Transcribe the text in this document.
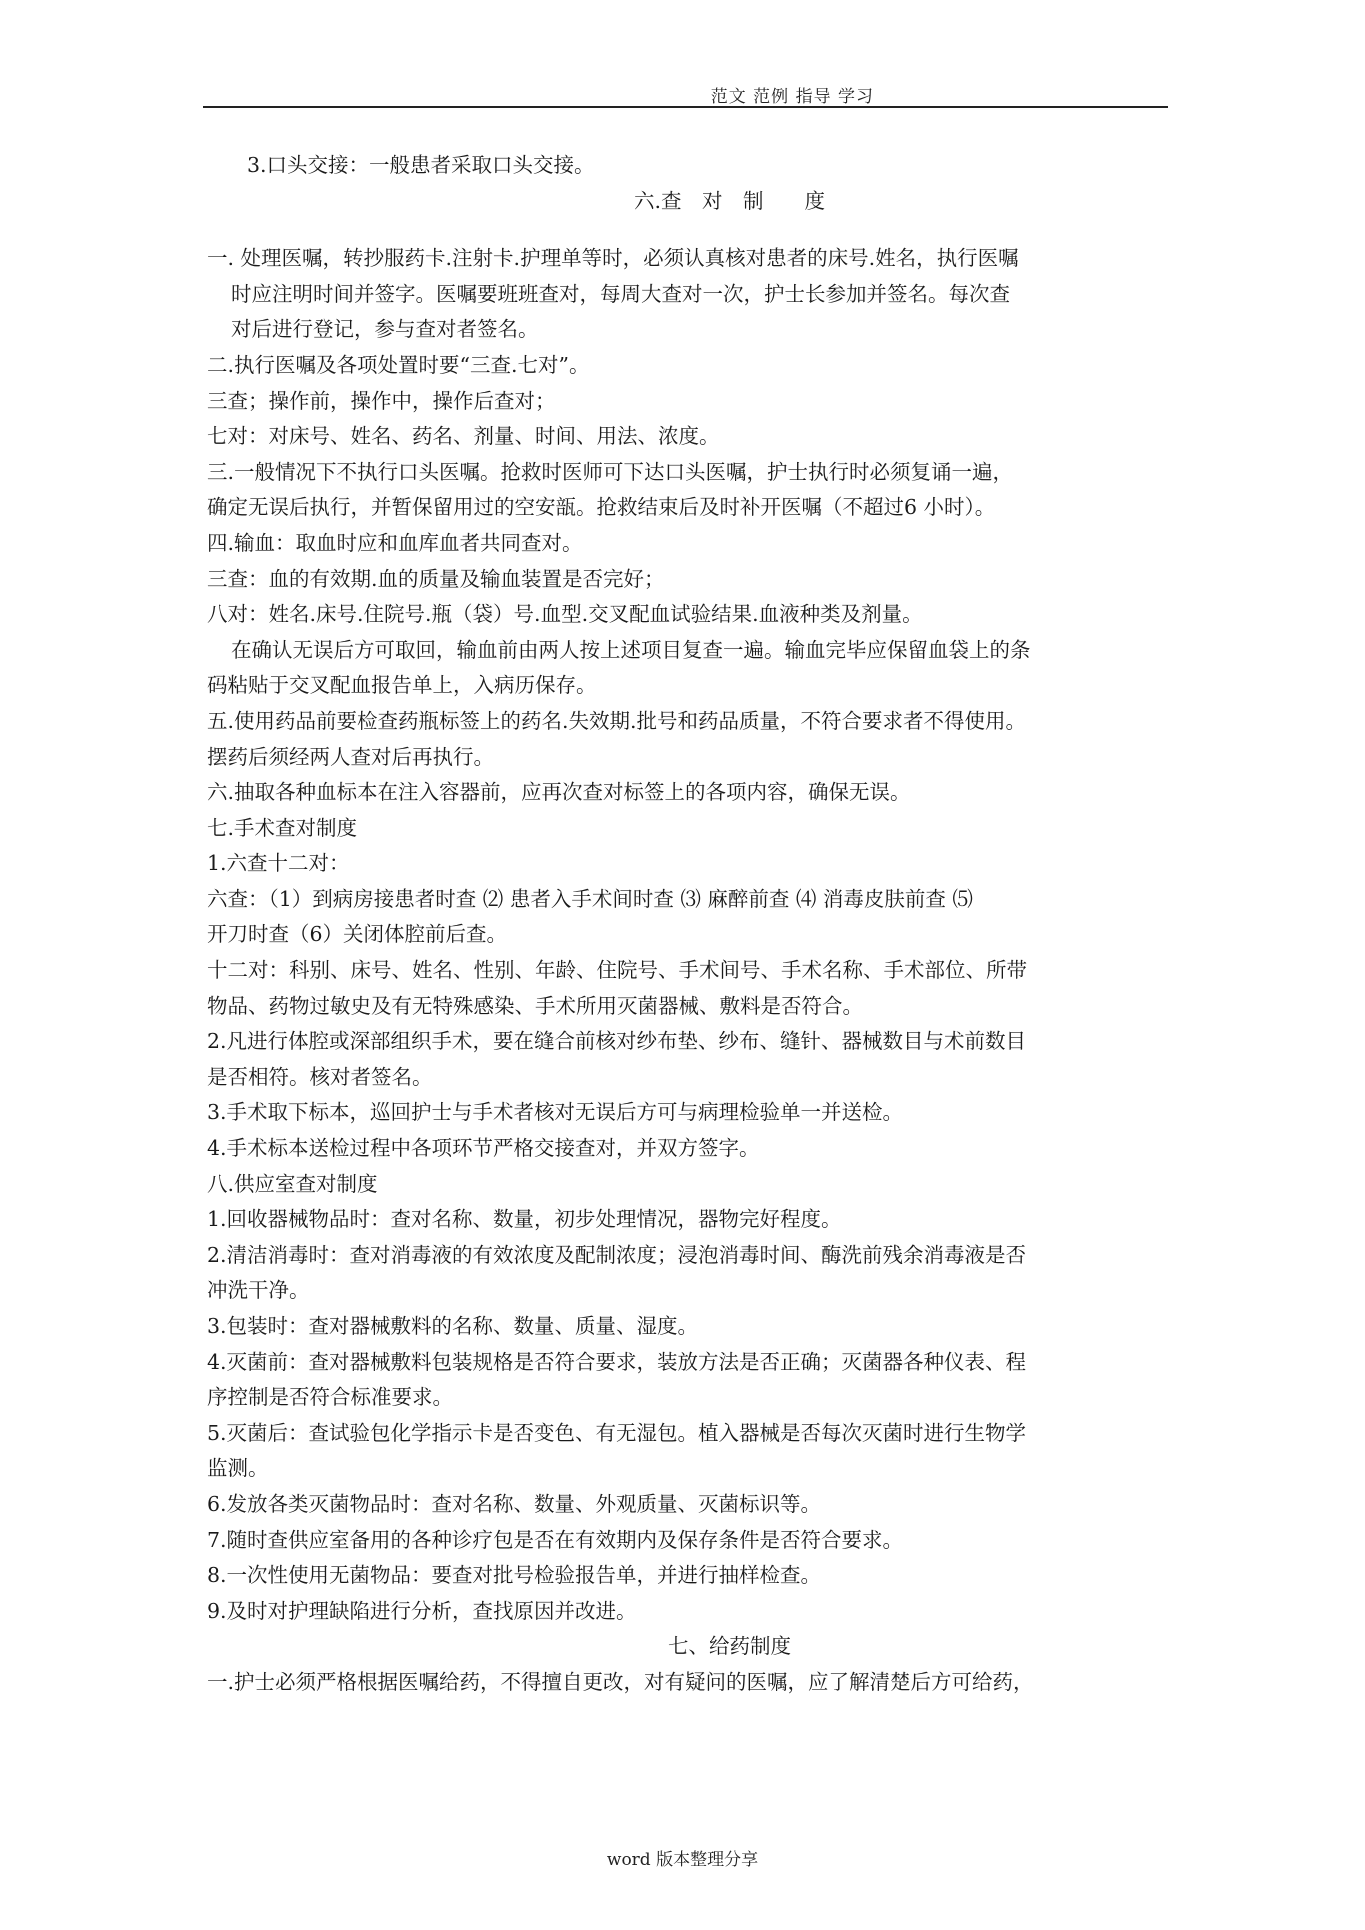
范文 范例 指导 学习
3.口头交接：一般患者采取口头交接。
六.查　对　制　　度
一. 处理医嘱，转抄服药卡.注射卡.护理单等时，必须认真核对患者的床号.姓名，执行医嘱
时应注明时间并签字。医嘱要班班查对，每周大查对一次，护士长参加并签名。每次查
对后进行登记，参与查对者签名。
二.执行医嘱及各项处置时要“三查.七对”。
三查；操作前，操作中，操作后查对；
七对：对床号、姓名、药名、剂量、时间、用法、浓度。
三.一般情况下不执行口头医嘱。抢救时医师可下达口头医嘱，护士执行时必须复诵一遍，
确定无误后执行，并暂保留用过的空安瓿。抢救结束后及时补开医嘱（不超过6 小时）。
四.输血：取血时应和血库血者共同查对。
三查：血的有效期.血的质量及输血装置是否完好；
八对：姓名.床号.住院号.瓶（袋）号.血型.交叉配血试验结果.血液种类及剂量。
在确认无误后方可取回，输血前由两人按上述项目复查一遍。输血完毕应保留血袋上的条
码粘贴于交叉配血报告单上，入病历保存。
五.使用药品前要检查药瓶标签上的药名.失效期.批号和药品质量，不符合要求者不得使用。
摆药后须经两人查对后再执行。
六.抽取各种血标本在注入容器前，应再次查对标签上的各项内容，确保无误。
七.手术查对制度
1.六查十二对：
六查：（1）到病房接患者时查 ⑵ 患者入手术间时查 ⑶ 麻醉前查 ⑷ 消毒皮肤前查 ⑸
开刀时查（6）关闭体腔前后查。
十二对：科别、床号、姓名、性别、年龄、住院号、手术间号、手术名称、手术部位、所带
物品、药物过敏史及有无特殊感染、手术所用灭菌器械、敷料是否符合。
2.凡进行体腔或深部组织手术，要在缝合前核对纱布垫、纱布、缝针、器械数目与术前数目
是否相符。核对者签名。
3.手术取下标本，巡回护士与手术者核对无误后方可与病理检验单一并送检。
4.手术标本送检过程中各项环节严格交接查对，并双方签字。
八.供应室查对制度
1.回收器械物品时：查对名称、数量，初步处理情况，器物完好程度。
2.清洁消毒时：查对消毒液的有效浓度及配制浓度；浸泡消毒时间、酶洗前残余消毒液是否
冲洗干净。
3.包装时：查对器械敷料的名称、数量、质量、湿度。
4.灭菌前：查对器械敷料包装规格是否符合要求，装放方法是否正确；灭菌器各种仪表、程
序控制是否符合标准要求。
5.灭菌后：查试验包化学指示卡是否变色、有无湿包。植入器械是否每次灭菌时进行生物学
监测。
6.发放各类灭菌物品时：查对名称、数量、外观质量、灭菌标识等。
7.随时查供应室备用的各种诊疗包是否在有效期内及保存条件是否符合要求。
8.一次性使用无菌物品：要查对批号检验报告单，并进行抽样检查。
9.及时对护理缺陷进行分析，查找原因并改进。
七、给药制度
一.护士必须严格根据医嘱给药，不得擅自更改，对有疑问的医嘱，应了解清楚后方可给药，
word 版本整理分享
